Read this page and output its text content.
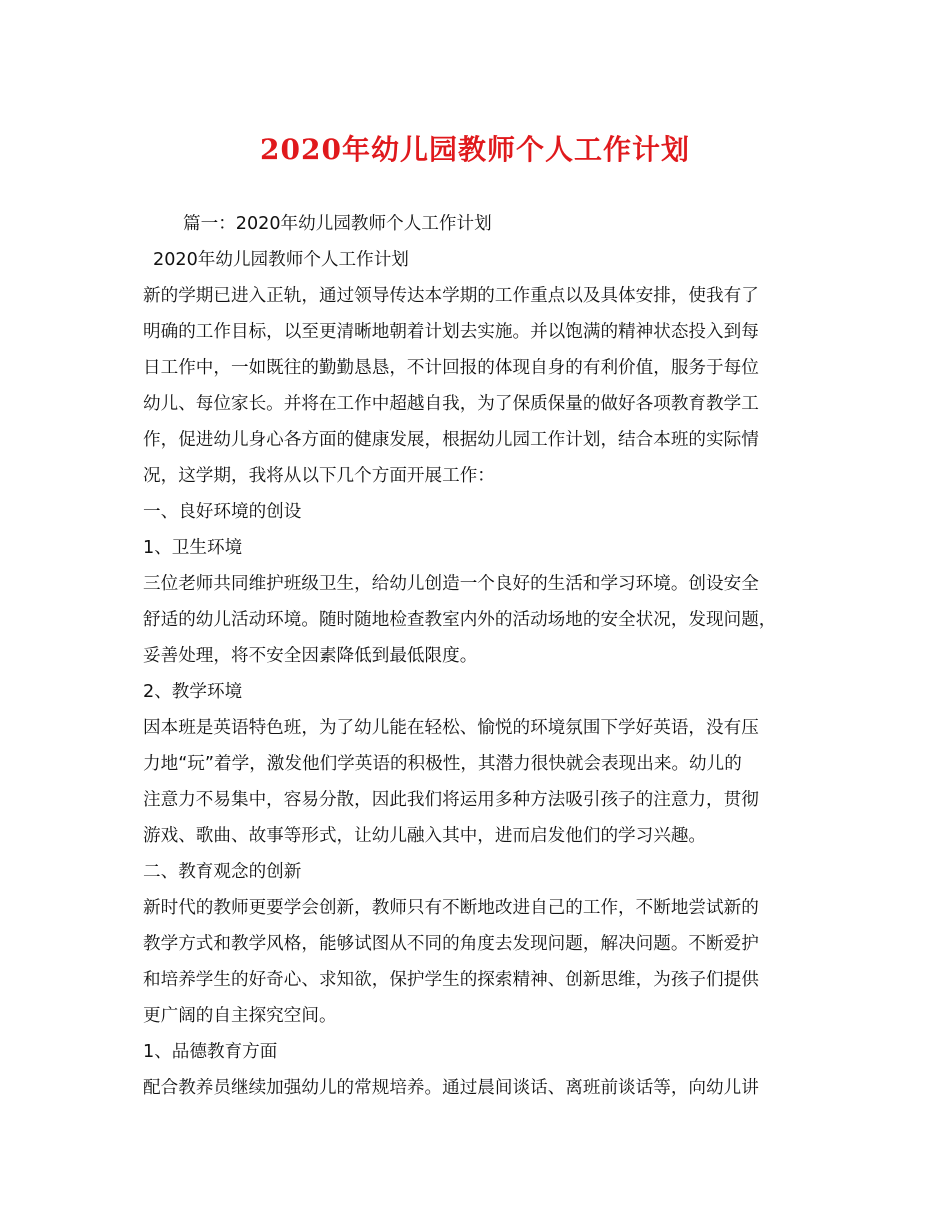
2020年幼儿园教师个人工作计划
篇一：2020年幼儿园教师个人工作计划
2020年幼儿园教师个人工作计划
新的学期已进入正轨，通过领导传达本学期的工作重点以及具体安排，使我有了
明确的工作目标，以至更清晰地朝着计划去实施。并以饱满的精神状态投入到每
日工作中，一如既往的勤勤恳恳，不计回报的体现自身的有利价值，服务于每位
幼儿、每位家长。并将在工作中超越自我，为了保质保量的做好各项教育教学工
作，促进幼儿身心各方面的健康发展，根据幼儿园工作计划，结合本班的实际情
况，这学期，我将从以下几个方面开展工作：
一、良好环境的创设
1、卫生环境
三位老师共同维护班级卫生，给幼儿创造一个良好的生活和学习环境。创设安全
舒适的幼儿活动环境。随时随地检查教室内外的活动场地的安全状况，发现问题，
妥善处理，将不安全因素降低到最低限度。
2、教学环境
因本班是英语特色班，为了幼儿能在轻松、愉悦的环境氛围下学好英语，没有压
力地“玩”着学，激发他们学英语的积极性，其潜力很快就会表现出来。幼儿的
注意力不易集中，容易分散，因此我们将运用多种方法吸引孩子的注意力，贯彻
游戏、歌曲、故事等形式，让幼儿融入其中，进而启发他们的学习兴趣。
二、教育观念的创新
新时代的教师更要学会创新，教师只有不断地改进自己的工作，不断地尝试新的
教学方式和教学风格，能够试图从不同的角度去发现问题，解决问题。不断爱护
和培养学生的好奇心、求知欲，保护学生的探索精神、创新思维，为孩子们提供
更广阔的自主探究空间。
1、品德教育方面
配合教养员继续加强幼儿的常规培养。通过晨间谈话、离班前谈话等，向幼儿讲
